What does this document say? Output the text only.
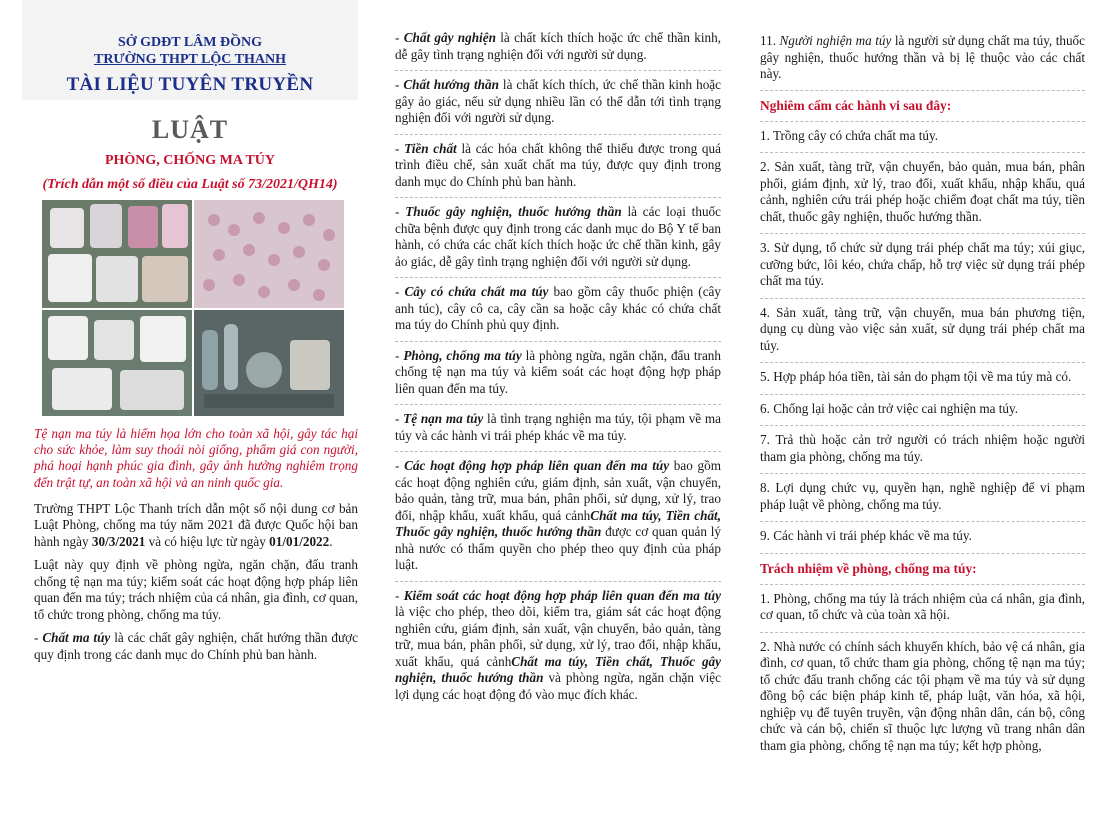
SỞ GDĐT LÂM ĐỒNG
TRƯỜNG THPT LỘC THANH
TÀI LIỆU TUYÊN TRUYỀN
LUẬT
PHÒNG, CHỐNG MA TÚY
(Trích dẫn một số điều của Luật số 73/2021/QH14)
Tệ nạn ma túy là hiểm họa lớn cho toàn xã hội, gây tác hại cho sức khỏe, làm suy thoái nòi giống, phẩm giá con người, phá hoại hạnh phúc gia đình, gây ảnh hưởng nghiêm trọng đến trật tự, an toàn xã hội và an ninh quốc gia.
Trường THPT Lộc Thanh trích dẫn một số nội dung cơ bản Luật Phòng, chống ma túy năm 2021 đã được Quốc hội ban hành ngày 30/3/2021 và có hiệu lực từ ngày 01/01/2022.
Luật này quy định về phòng ngừa, ngăn chặn, đấu tranh chống tệ nạn ma túy; kiểm soát các hoạt động hợp pháp liên quan đến ma túy; trách nhiệm của cá nhân, gia đình, cơ quan, tổ chức trong phòng, chống ma túy.
- Chất ma túy là các chất gây nghiện, chất hướng thần được quy định trong các danh mục do Chính phủ ban hành.
- Chất gây nghiện là chất kích thích hoặc ức chế thần kinh, dễ gây tình trạng nghiện đối với người sử dụng.
- Chất hướng thần là chất kích thích, ức chế thần kinh hoặc gây ảo giác, nếu sử dụng nhiều lần có thể dẫn tới tình trạng nghiện đối với người sử dụng.
- Tiền chất là các hóa chất không thể thiếu được trong quá trình điều chế, sản xuất chất ma túy, được quy định trong danh mục do Chính phủ ban hành.
- Thuốc gây nghiện, thuốc hướng thần là các loại thuốc chữa bệnh được quy định trong các danh mục do Bộ Y tế ban hành, có chứa các chất kích thích hoặc ức chế thần kinh, gây ảo giác, dễ gây tình trạng nghiện đối với người sử dụng.
- Cây có chứa chất ma túy bao gồm cây thuốc phiện (cây anh túc), cây cô ca, cây cần sa hoặc cây khác có chứa chất ma túy do Chính phủ quy định.
- Phòng, chống ma túy là phòng ngừa, ngăn chặn, đấu tranh chống tệ nạn ma túy và kiểm soát các hoạt động hợp pháp liên quan đến ma túy.
- Tệ nạn ma túy là tình trạng nghiện ma túy, tội phạm về ma túy và các hành vi trái phép khác về ma túy.
- Các hoạt động hợp pháp liên quan đến ma túy bao gồm các hoạt động nghiên cứu, giám định, sản xuất, vận chuyển, bảo quản, tàng trữ, mua bán, phân phối, sử dụng, xử lý, trao đổi, nhập khẩu, xuất khẩu, quá cảnhChất ma túy, Tiền chất, Thuốc gây nghiện, thuốc hướng thần được cơ quan quản lý nhà nước có thẩm quyền cho phép theo quy định của pháp luật.
- Kiểm soát các hoạt động hợp pháp liên quan đến ma túy là việc cho phép, theo dõi, kiểm tra, giám sát các hoạt động nghiên cứu, giám định, sản xuất, vận chuyển, bảo quản, tàng trữ, mua bán, phân phối, sử dụng, xử lý, trao đổi, nhập khẩu, xuất khẩu, quá cảnhChất ma túy, Tiền chất, Thuốc gây nghiện, thuốc hướng thần và phòng ngừa, ngăn chặn việc lợi dụng các hoạt động đó vào mục đích khác.
11. Người nghiện ma túy là người sử dụng chất ma túy, thuốc gây nghiện, thuốc hướng thần và bị lệ thuộc vào các chất này.
Nghiêm cấm các hành vi sau đây:
1. Trồng cây có chứa chất ma túy.
2. Sản xuất, tàng trữ, vận chuyển, bảo quản, mua bán, phân phối, giám định, xử lý, trao đổi, xuất khẩu, nhập khẩu, quá cảnh, nghiên cứu trái phép hoặc chiếm đoạt chất ma túy, tiền chất, thuốc gây nghiện, thuốc hướng thần.
3. Sử dụng, tổ chức sử dụng trái phép chất ma túy; xúi giục, cưỡng bức, lôi kéo, chứa chấp, hỗ trợ việc sử dụng trái phép chất ma túy.
4. Sản xuất, tàng trữ, vận chuyển, mua bán phương tiện, dụng cụ dùng vào việc sản xuất, sử dụng trái phép chất ma túy.
5. Hợp pháp hóa tiền, tài sản do phạm tội về ma túy mà có.
6. Chống lại hoặc cản trở việc cai nghiện ma túy.
7. Trả thù hoặc cản trở người có trách nhiệm hoặc người tham gia phòng, chống ma túy.
8. Lợi dụng chức vụ, quyền hạn, nghề nghiệp để vi phạm pháp luật về phòng, chống ma túy.
9. Các hành vi trái phép khác về ma túy.
Trách nhiệm về phòng, chống ma túy:
1. Phòng, chống ma túy là trách nhiệm của cá nhân, gia đình, cơ quan, tổ chức và của toàn xã hội.
2. Nhà nước có chính sách khuyến khích, bảo vệ cá nhân, gia đình, cơ quan, tổ chức tham gia phòng, chống tệ nạn ma túy; tổ chức đấu tranh chống các tội phạm về ma túy và sử dụng đồng bộ các biện pháp kinh tế, pháp luật, văn hóa, xã hội, nghiệp vụ để tuyên truyền, vận động nhân dân, cán bộ, công chức và cán bộ, chiến sĩ thuộc lực lượng vũ trang nhân dân tham gia phòng, chống tệ nạn ma túy; kết hợp phòng,
